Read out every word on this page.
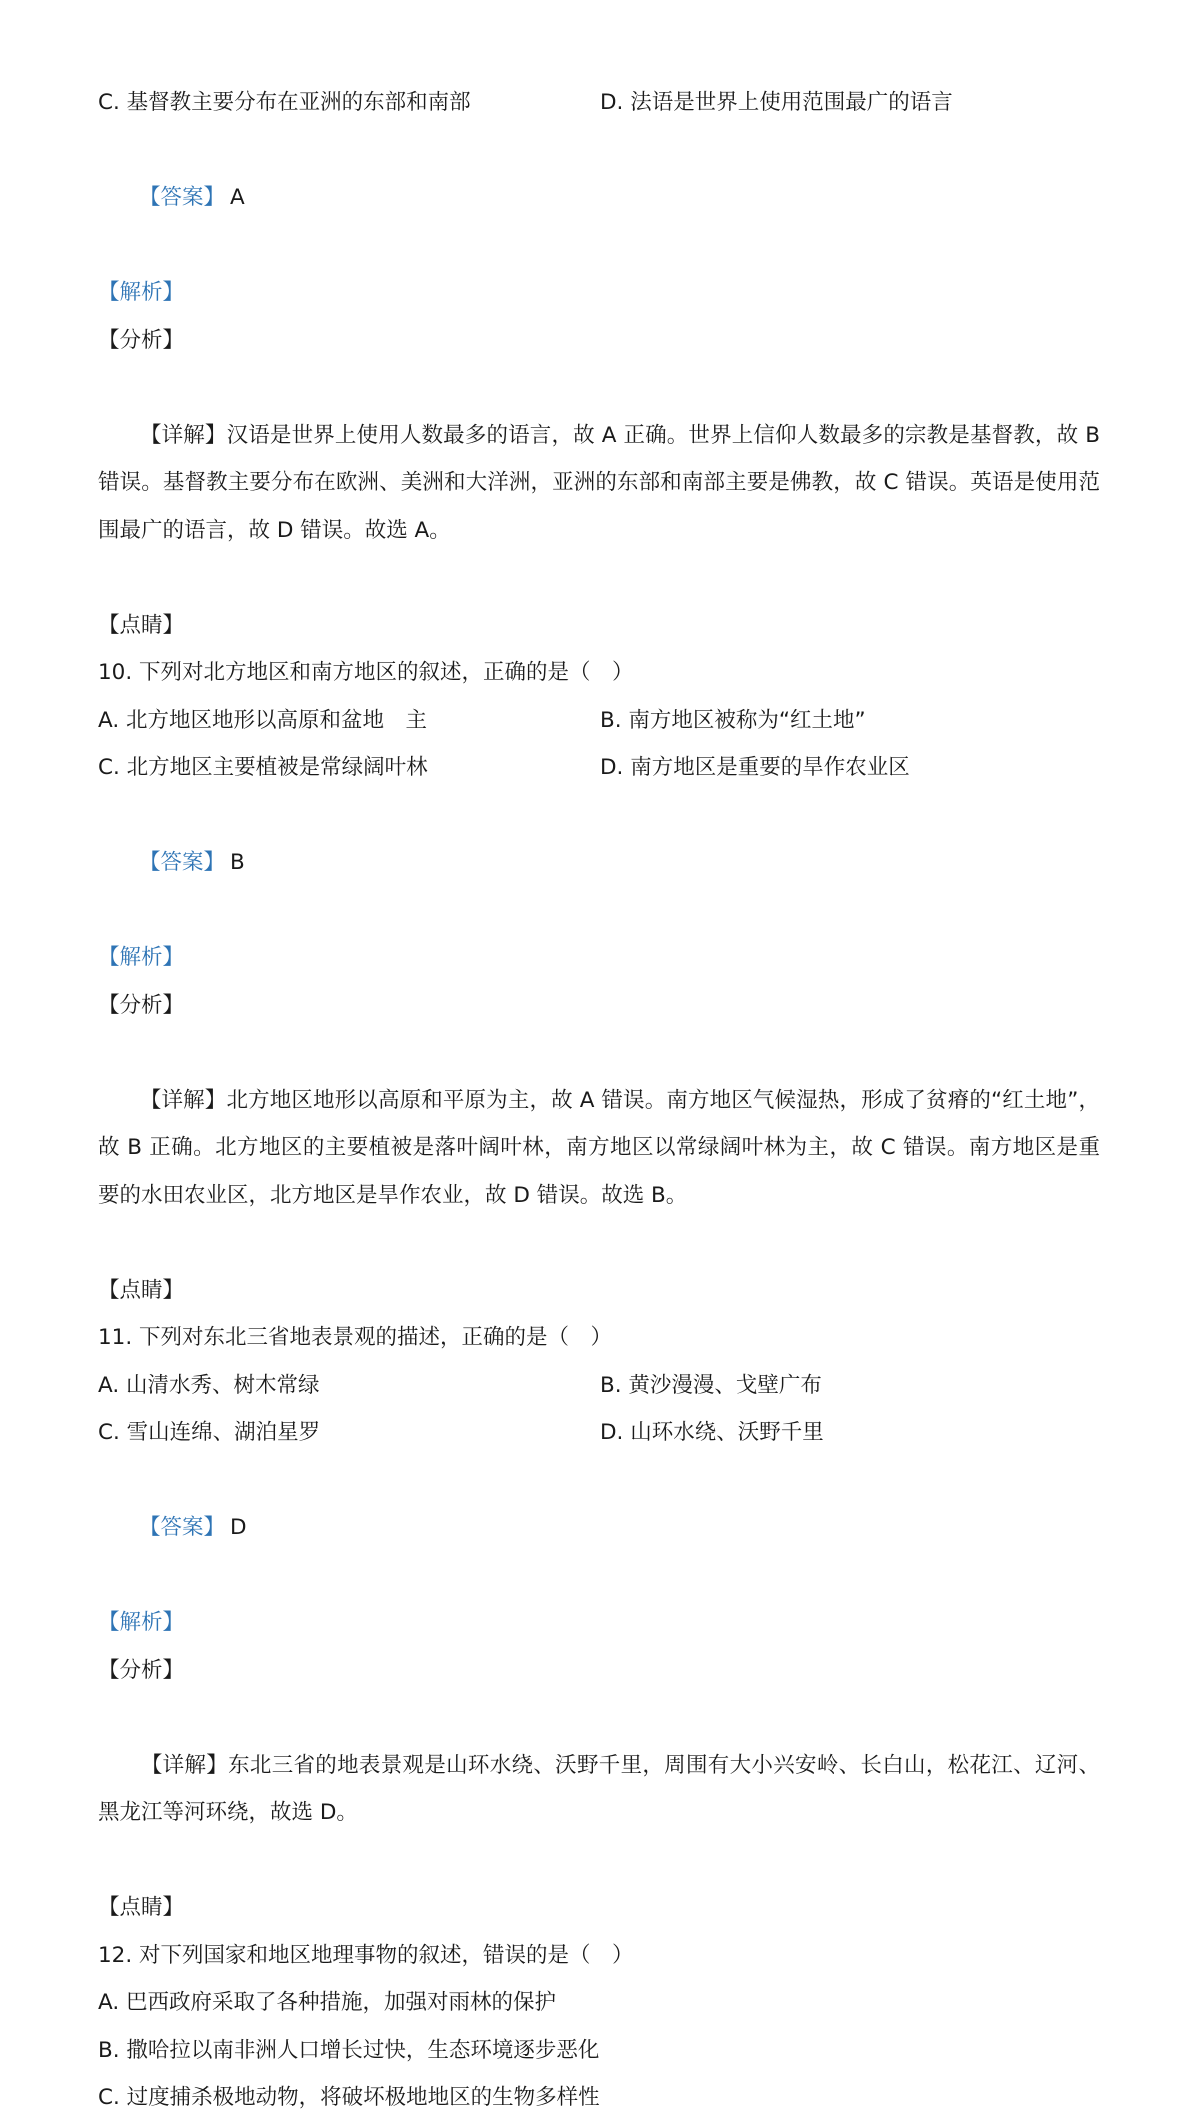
C. 基督教主要分布在亚洲的东部和南部	D. 法语是世界上使用范围最广的语言

【答案】 A

【解析】
【分析】

【详解】汉语是世界上使用人数最多的语言，故 A 正确。世界上信仰人数最多的宗教是基督教，故 B 错误。基督教主要分布在欧洲、美洲和大洋洲，亚洲的东部和南部主要是佛教，故 C 错误。英语是使用范围最广的语言，故 D 错误。故选 A。

【点睛】
10. 下列对北方地区和南方地区的叙述，正确的是（　）
A. 北方地区地形以高原和盆地　主	B. 南方地区被称为“红土地”
C. 北方地区主要植被是常绿阔叶林	D. 南方地区是重要的旱作农业区

【答案】 B

【解析】
【分析】

【详解】北方地区地形以高原和平原为主，故 A 错误。南方地区气候湿热，形成了贫瘠的“红土地”，故 B 正确。北方地区的主要植被是落叶阔叶林，南方地区以常绿阔叶林为主，故 C 错误。南方地区是重要的水田农业区，北方地区是旱作农业，故 D 错误。故选 B。

【点睛】
11. 下列对东北三省地表景观的描述，正确的是（　）
A. 山清水秀、树木常绿	B. 黄沙漫漫、戈壁广布
C. 雪山连绵、湖泊星罗	D. 山环水绕、沃野千里

【答案】 D

【解析】
【分析】

【详解】东北三省的地表景观是山环水绕、沃野千里，周围有大小兴安岭、长白山，松花江、辽河、黑龙江等河环绕，故选 D。

【点睛】
12. 对下列国家和地区地理事物的叙述，错误的是（　）
A. 巴西政府采取了各种措施，加强对雨林的保护
B. 撒哈拉以南非洲人口增长过快，生态环境逐步恶化
C. 过度捕杀极地动物，将破坏极地地区的生物多样性
